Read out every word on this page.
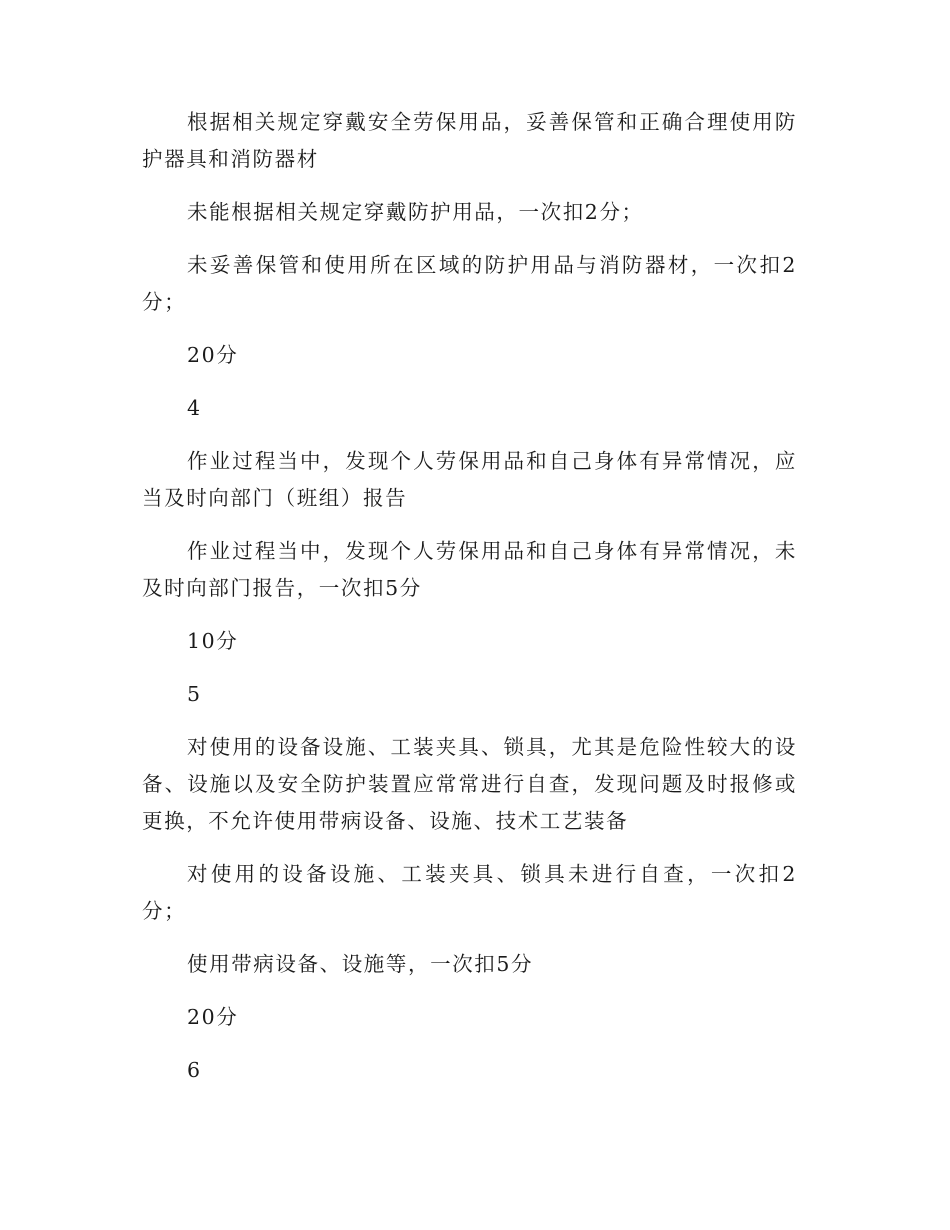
根据相关规定穿戴安全劳保用品，妥善保管和正确合理使用防护器具和消防器材

未能根据相关规定穿戴防护用品，一次扣2分；

未妥善保管和使用所在区域的防护用品与消防器材，一次扣2分；

20分

4

作业过程当中，发现个人劳保用品和自己身体有异常情况，应当及时向部门（班组）报告

作业过程当中，发现个人劳保用品和自己身体有异常情况，未及时向部门报告，一次扣5分

10分

5

对使用的设备设施、工装夹具、锁具，尤其是危险性较大的设备、设施以及安全防护装置应常常进行自查，发现问题及时报修或更换，不允许使用带病设备、设施、技术工艺装备

对使用的设备设施、工装夹具、锁具未进行自查，一次扣2分；

使用带病设备、设施等，一次扣5分

20分

6
